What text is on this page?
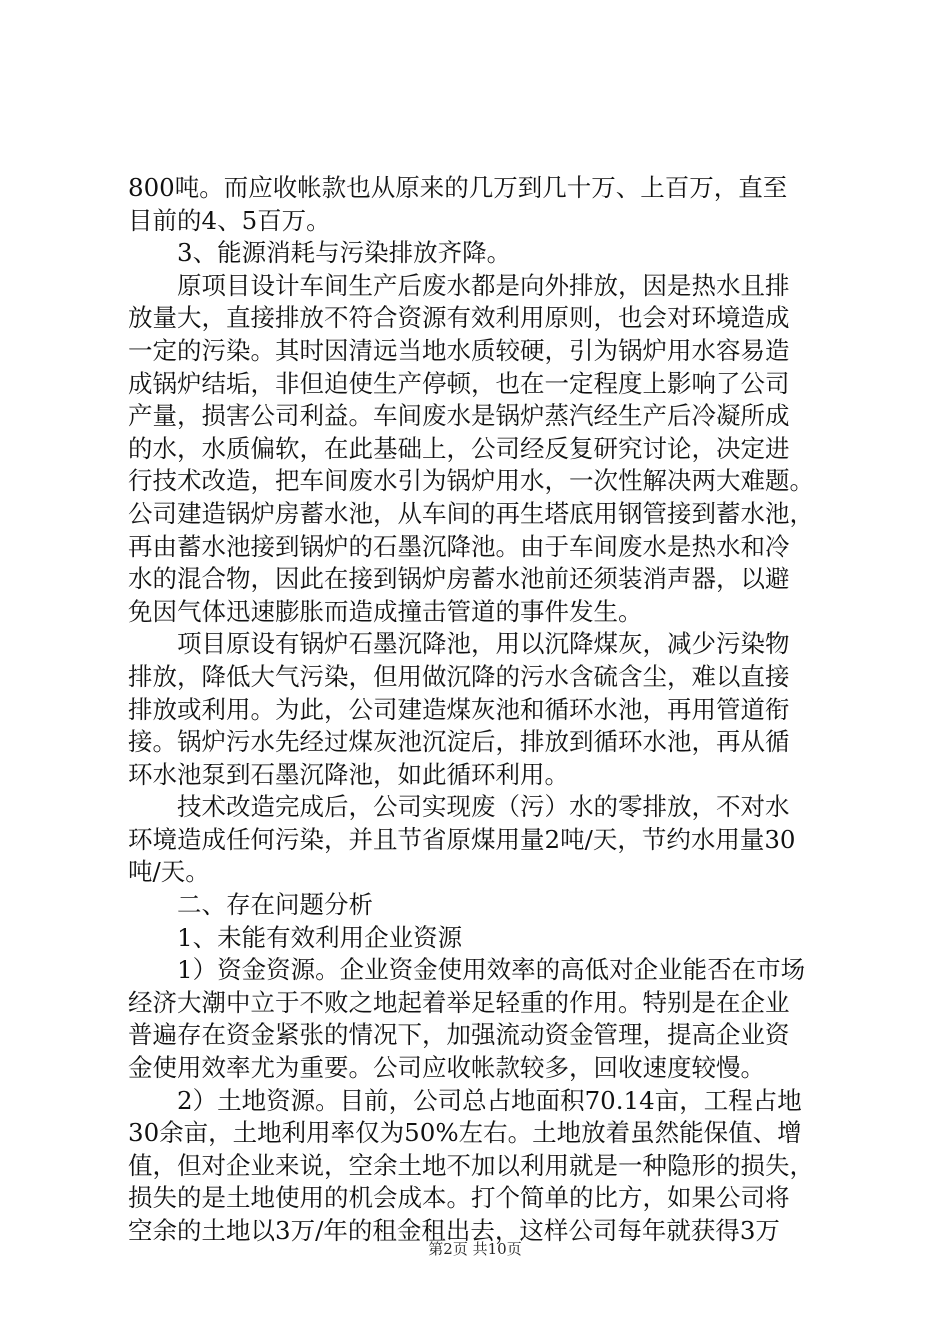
800吨。而应收帐款也从原来的几万到几十万、上百万，直至
目前的4、5百万。
　　3、能源消耗与污染排放齐降。
　　原项目设计车间生产后废水都是向外排放，因是热水且排
放量大，直接排放不符合资源有效利用原则，也会对环境造成
一定的污染。其时因清远当地水质较硬，引为锅炉用水容易造
成锅炉结垢，非但迫使生产停顿，也在一定程度上影响了公司
产量，损害公司利益。车间废水是锅炉蒸汽经生产后冷凝所成
的水，水质偏软，在此基础上，公司经反复研究讨论，决定进
行技术改造，把车间废水引为锅炉用水，一次性解决两大难题。
公司建造锅炉房蓄水池，从车间的再生塔底用钢管接到蓄水池，
再由蓄水池接到锅炉的石墨沉降池。由于车间废水是热水和冷
水的混合物，因此在接到锅炉房蓄水池前还须装消声器，以避
免因气体迅速膨胀而造成撞击管道的事件发生。
　　项目原设有锅炉石墨沉降池，用以沉降煤灰，减少污染物
排放，降低大气污染，但用做沉降的污水含硫含尘，难以直接
排放或利用。为此，公司建造煤灰池和循环水池，再用管道衔
接。锅炉污水先经过煤灰池沉淀后，排放到循环水池，再从循
环水池泵到石墨沉降池，如此循环利用。
　　技术改造完成后，公司实现废（污）水的零排放，不对水
环境造成任何污染，并且节省原煤用量2吨/天，节约水用量30
吨/天。
　　二、存在问题分析
　　1、未能有效利用企业资源
　　1）资金资源。企业资金使用效率的高低对企业能否在市场
经济大潮中立于不败之地起着举足轻重的作用。特别是在企业
普遍存在资金紧张的情况下，加强流动资金管理，提高企业资
金使用效率尤为重要。公司应收帐款较多，回收速度较慢。
　　2）土地资源。目前，公司总占地面积70.14亩，工程占地
30余亩，土地利用率仅为50%左右。土地放着虽然能保值、增
值，但对企业来说，空余土地不加以利用就是一种隐形的损失，
损失的是土地使用的机会成本。打个简单的比方，如果公司将
空余的土地以3万/年的租金租出去，这样公司每年就获得3万
第2页 共10页
